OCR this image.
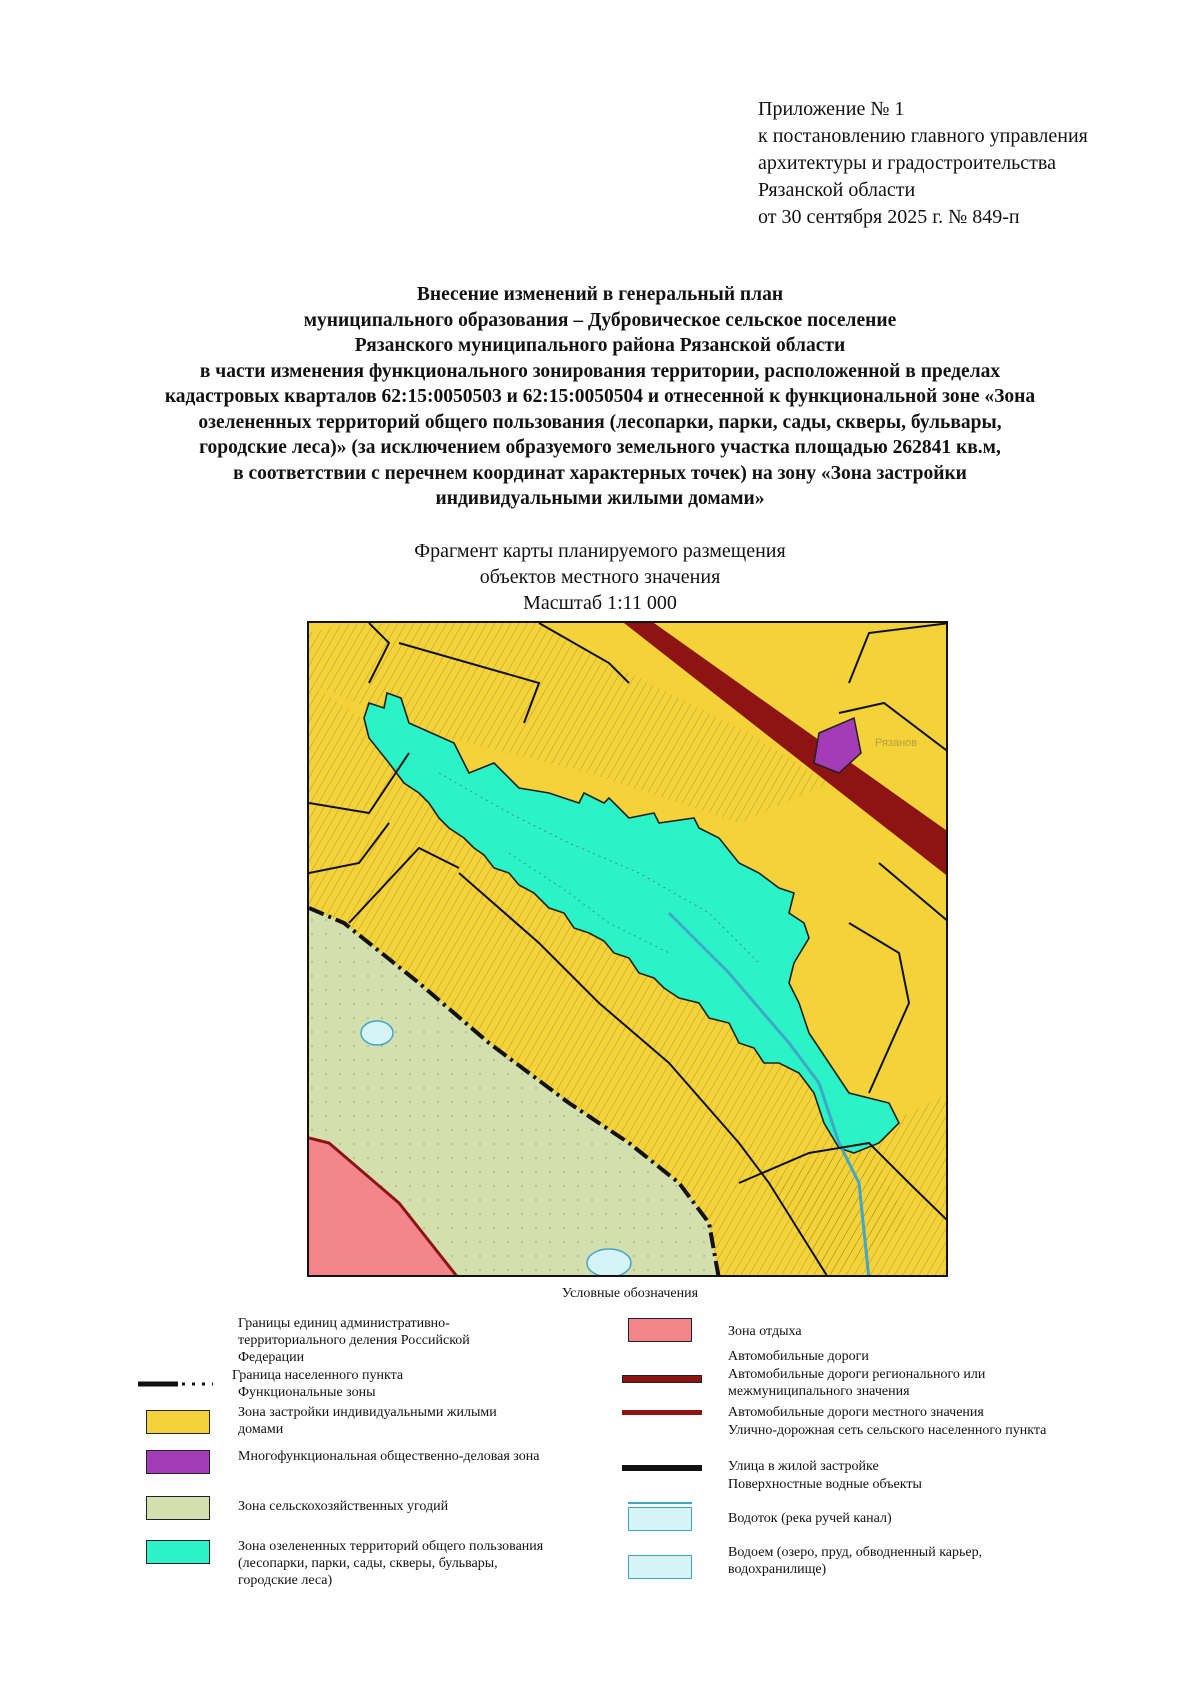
Приложение № 1
к постановлению главного управления
архитектуры и градостроительства
Рязанской области
от 30 сентября 2025 г. № 849-п
Внесение изменений в генеральный план
муниципального образования – Дубровическое сельское поселение
Рязанского муниципального района Рязанской области
в части изменения функционального зонирования территории, расположенной в пределах
кадастровых кварталов 62:15:0050503 и 62:15:0050504 и отнесенной к функциональной зоне «Зона
озелененных территорий общего пользования (лесопарки, парки, сады, скверы, бульвары,
городские леса)» (за исключением образуемого земельного участка площадью 262841 кв.м,
в соответствии с перечнем координат характерных точек) на зону «Зона застройки
индивидуальными жилыми домами»
Фрагмент карты планируемого размещения
объектов местного значения
Масштаб 1:11 000
Рязанов
Условные обозначения
Границы единиц административно-территориального деления Российской Федерации
Граница населенного пункта
Функциональные зоны
Зона застройки индивидуальными жилыми домами
Многофункциональная общественно-деловая зона
Зона сельскохозяйственных угодий
Зона озелененных территорий общего пользования (лесопарки, парки, сады, скверы, бульвары, городские леса)
Зона отдыха
Автомобильные дороги
Автомобильные дороги регионального или межмуниципального значения
Автомобильные дороги местного значения
Улично-дорожная сеть сельского населенного пункта
Улица в жилой застройке
Поверхностные водные объекты
Водоток (река ручей канал)
Водоем (озеро, пруд, обводненный карьер, водохранилище)
